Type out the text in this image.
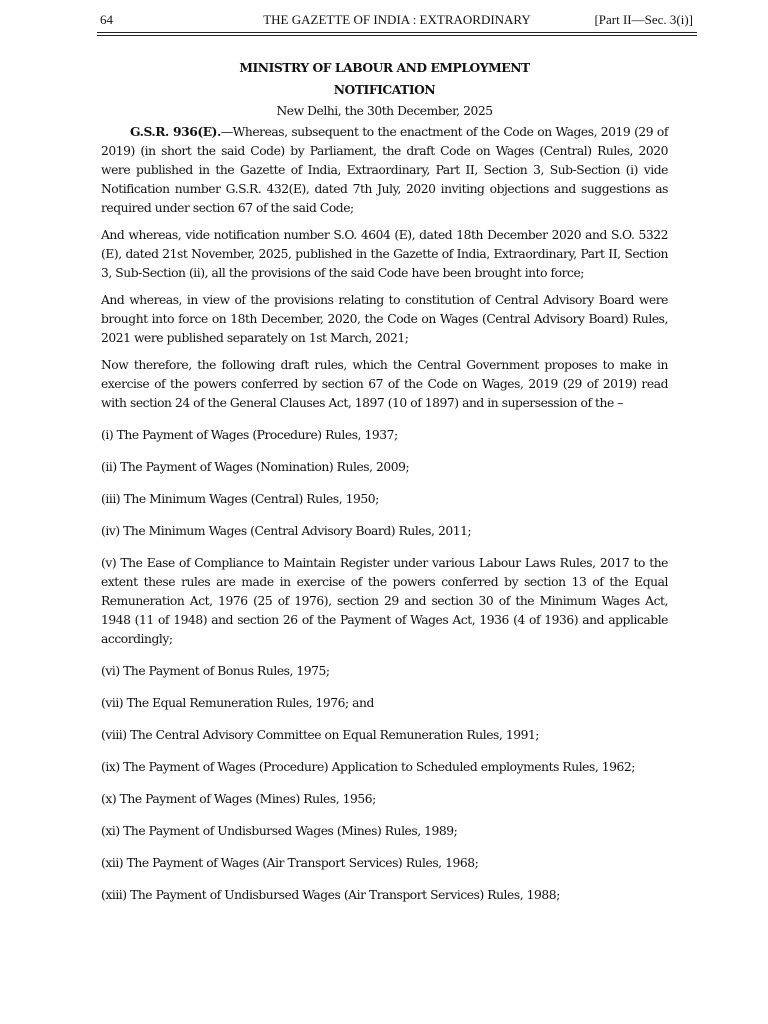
64	THE GAZETTE OF INDIA : EXTRAORDINARY	[Part II—Sec. 3(i)]
MINISTRY OF LABOUR AND EMPLOYMENT
NOTIFICATION
New Delhi, the 30th December, 2025

G.S.R. 936(E).—Whereas, subsequent to the enactment of the Code on Wages, 2019 (29 of 2019) (in short the said Code) by Parliament, the draft Code on Wages (Central) Rules, 2020 were published in the Gazette of India, Extraordinary, Part II, Section 3, Sub-Section (i) vide Notification number G.S.R. 432(E), dated 7th July, 2020 inviting objections and suggestions as required under section 67 of the said Code;

And whereas, vide notification number S.O. 4604 (E), dated 18th December 2020 and S.O. 5322 (E), dated 21st November, 2025, published in the Gazette of India, Extraordinary, Part II, Section 3, Sub-Section (ii), all the provisions of the said Code have been brought into force;

And whereas, in view of the provisions relating to constitution of Central Advisory Board were brought into force on 18th December, 2020, the Code on Wages (Central Advisory Board) Rules, 2021 were published separately on 1st March, 2021;

Now therefore, the following draft rules, which the Central Government proposes to make in exercise of the powers conferred by section 67 of the Code on Wages, 2019 (29 of 2019) read with section 24 of the General Clauses Act, 1897 (10 of 1897) and in supersession of the –

(i) The Payment of Wages (Procedure) Rules, 1937;

(ii) The Payment of Wages (Nomination) Rules, 2009;

(iii) The Minimum Wages (Central) Rules, 1950;

(iv) The Minimum Wages (Central Advisory Board) Rules, 2011;

(v) The Ease of Compliance to Maintain Register under various Labour Laws Rules, 2017 to the extent these rules are made in exercise of the powers conferred by section 13 of the Equal Remuneration Act, 1976 (25 of 1976), section 29 and section 30 of the Minimum Wages Act, 1948 (11 of 1948) and section 26 of the Payment of Wages Act, 1936 (4 of 1936) and applicable accordingly;

(vi) The Payment of Bonus Rules, 1975;

(vii) The Equal Remuneration Rules, 1976; and

(viii) The Central Advisory Committee on Equal Remuneration Rules, 1991;

(ix) The Payment of Wages (Procedure) Application to Scheduled employments Rules, 1962;

(x) The Payment of Wages (Mines) Rules, 1956;

(xi) The Payment of Undisbursed Wages (Mines) Rules, 1989;

(xii) The Payment of Wages (Air Transport Services) Rules, 1968;

(xiii) The Payment of Undisbursed Wages (Air Transport Services) Rules, 1988;
